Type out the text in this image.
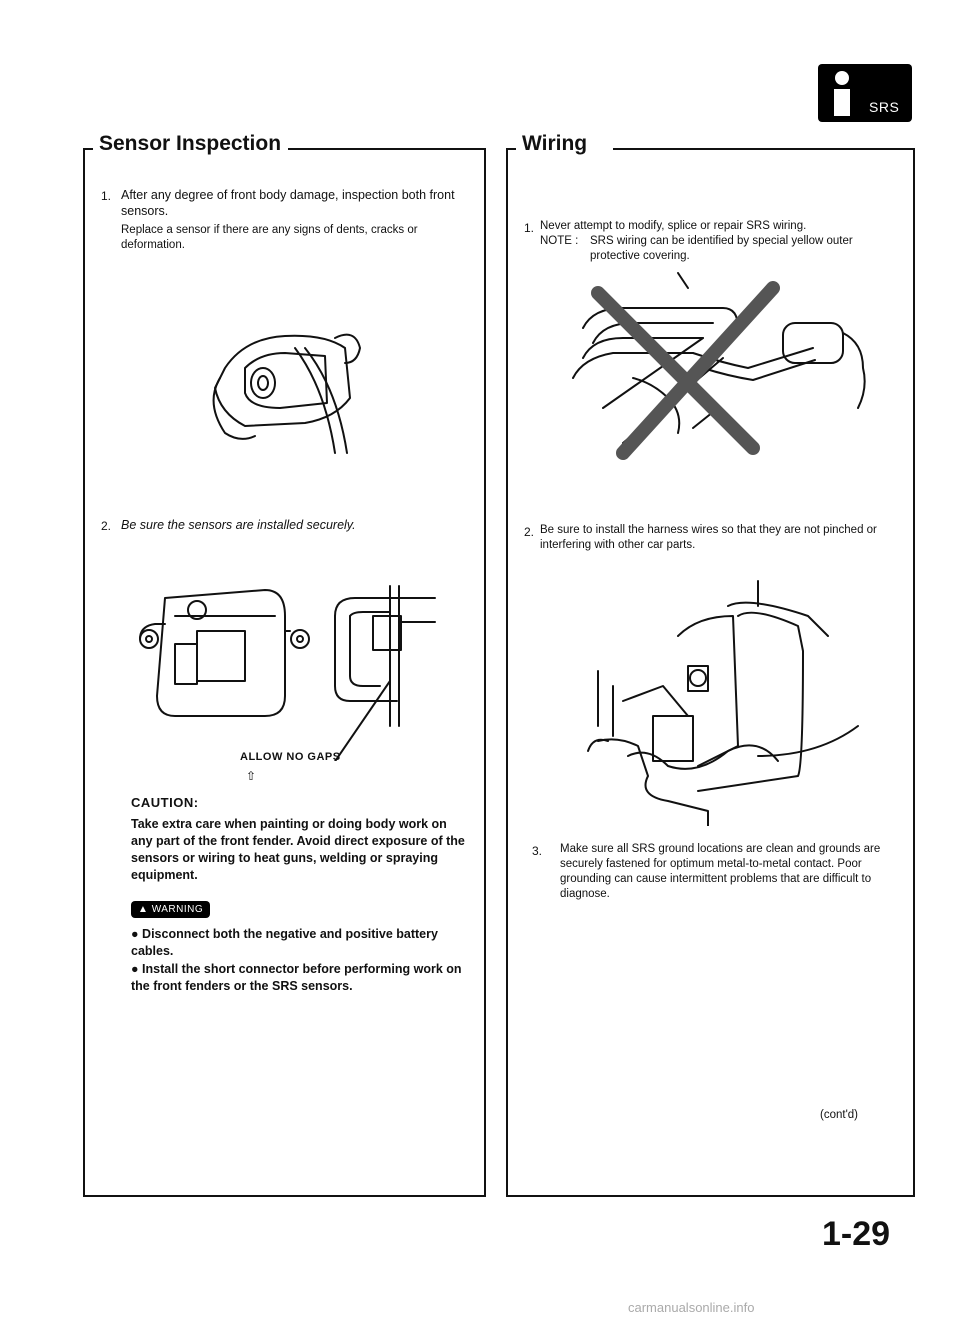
SRS
Sensor Inspection
1. After any degree of front body damage, inspection both front sensors.
Replace a sensor if there are any signs of dents, cracks or deformation.
2. Be sure the sensors are installed securely.
⇧
ALLOW NO GAPS
CAUTION:
Take extra care when painting or doing body work on any part of the front fender. Avoid direct exposure of the sensors or wiring to heat guns, welding or spraying equipment.
▲ WARNING
● Disconnect both the negative and positive battery cables.
● Install the short connector before performing work on the front fenders or the SRS sensors.
Wiring
1. Never attempt to modify, splice or repair SRS wiring.
NOTE : SRS wiring can be identified by special yellow outer protective covering.
2. Be sure to install the harness wires so that they are not pinched or interfering with other car parts.
3. Make sure all SRS ground locations are clean and grounds are securely fastened for optimum metal-to-metal contact. Poor grounding can cause intermittent problems that are difficult to diagnose.
(cont'd)
1-29
carmanualsonline.info
